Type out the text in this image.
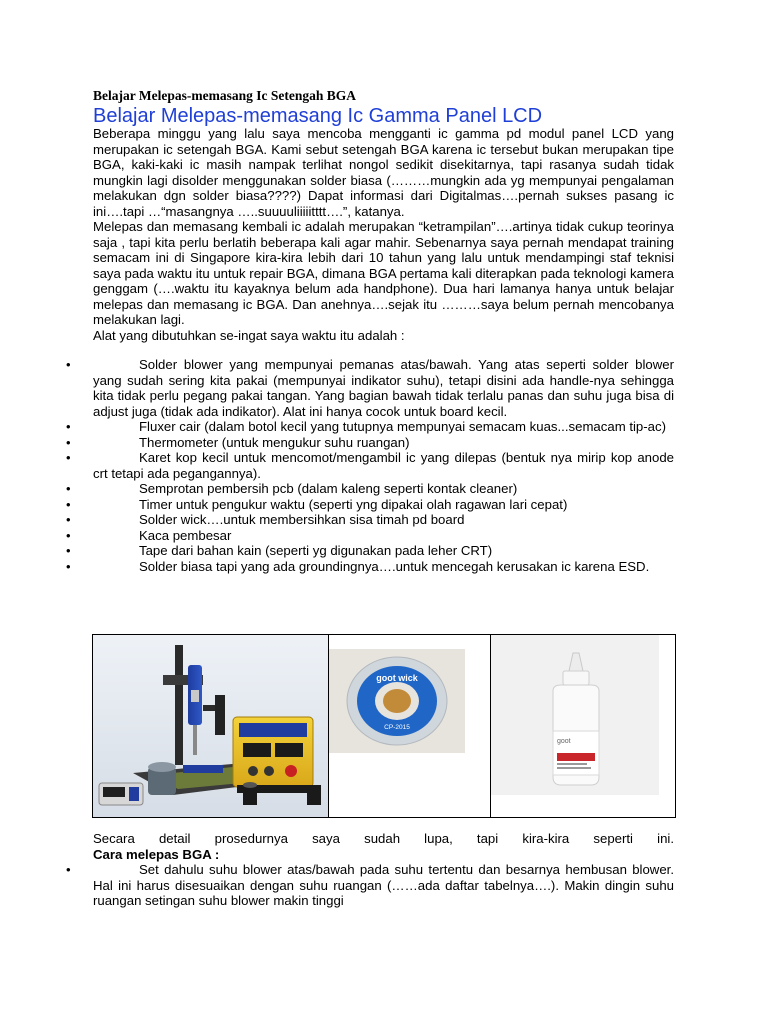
Belajar Melepas-memasang Ic Setengah BGA
Belajar Melepas-memasang Ic Gamma Panel LCD

Beberapa minggu yang lalu saya mencoba mengganti ic gamma pd modul panel LCD yang merupakan ic setengah BGA. Kami sebut setengah BGA karena ic tersebut bukan merupakan tipe BGA, kaki-kaki ic masih nampak terlihat nongol sedikit disekitarnya, tapi rasanya sudah tidak mungkin lagi disolder menggunakan solder biasa (………mungkin ada yg mempunyai pengalaman melakukan dgn solder biasa????) Dapat informasi dari Digitalmas….pernah sukses pasang ic ini….tapi …“masangnya …..suuuuliiiiitttt….”, katanya.

Melepas dan memasang kembali ic adalah merupakan “ketrampilan”….artinya tidak cukup teorinya saja , tapi kita perlu berlatih beberapa kali agar mahir. Sebenarnya saya pernah mendapat training semacam ini di Singapore kira-kira lebih dari 10 tahun yang lalu untuk mendampingi staf teknisi saya pada waktu itu untuk repair BGA, dimana BGA pertama kali diterapkan pada teknologi kamera genggam (….waktu itu kayaknya belum ada handphone). Dua hari lamanya hanya untuk belajar melepas dan memasang ic BGA. Dan anehnya….sejak itu ………saya belum pernah mencobanya melakukan lagi.

Alat yang dibutuhkan se-ingat saya waktu itu adalah :

•	Solder blower yang mempunyai pemanas atas/bawah. Yang atas seperti solder blower yang sudah sering kita pakai (mempunyai indikator suhu), tetapi disini ada handle-nya sehingga kita tidak perlu pegang pakai tangan. Yang bagian bawah tidak terlalu panas dan suhu juga bisa di adjust juga (tidak ada indikator). Alat ini hanya cocok untuk board kecil.
•	Fluxer cair (dalam botol kecil yang tutupnya mempunyai semacam kuas...semacam tip-ac)
•	Thermometer (untuk mengukur suhu ruangan)
•	Karet kop kecil untuk mencomot/mengambil ic yang dilepas (bentuk nya mirip kop anode crt tetapi ada pegangannya).
•	Semprotan pembersih pcb (dalam kaleng seperti kontak cleaner)
•	Timer untuk pengukur waktu (seperti yng dipakai olah ragawan lari cepat)
•	Solder wick….untuk membersihkan sisa timah pd board
•	Kaca pembesar
•	Tape dari bahan kain (seperti yg digunakan pada leher CRT)
•	Solder biasa tapi yang ada groundingnya….untuk mencegah kerusakan ic karena ESD.
goot wick
CP-2015
goot

Secara detail prosedurnya saya sudah lupa, tapi kira-kira seperti ini.

Cara melepas BGA :

•	Set dahulu suhu blower atas/bawah pada suhu tertentu dan besarnya hembusan blower. Hal ini harus disesuaikan dengan suhu ruangan (……ada daftar tabelnya….). Makin dingin suhu ruangan setingan suhu blower makin tinggi
